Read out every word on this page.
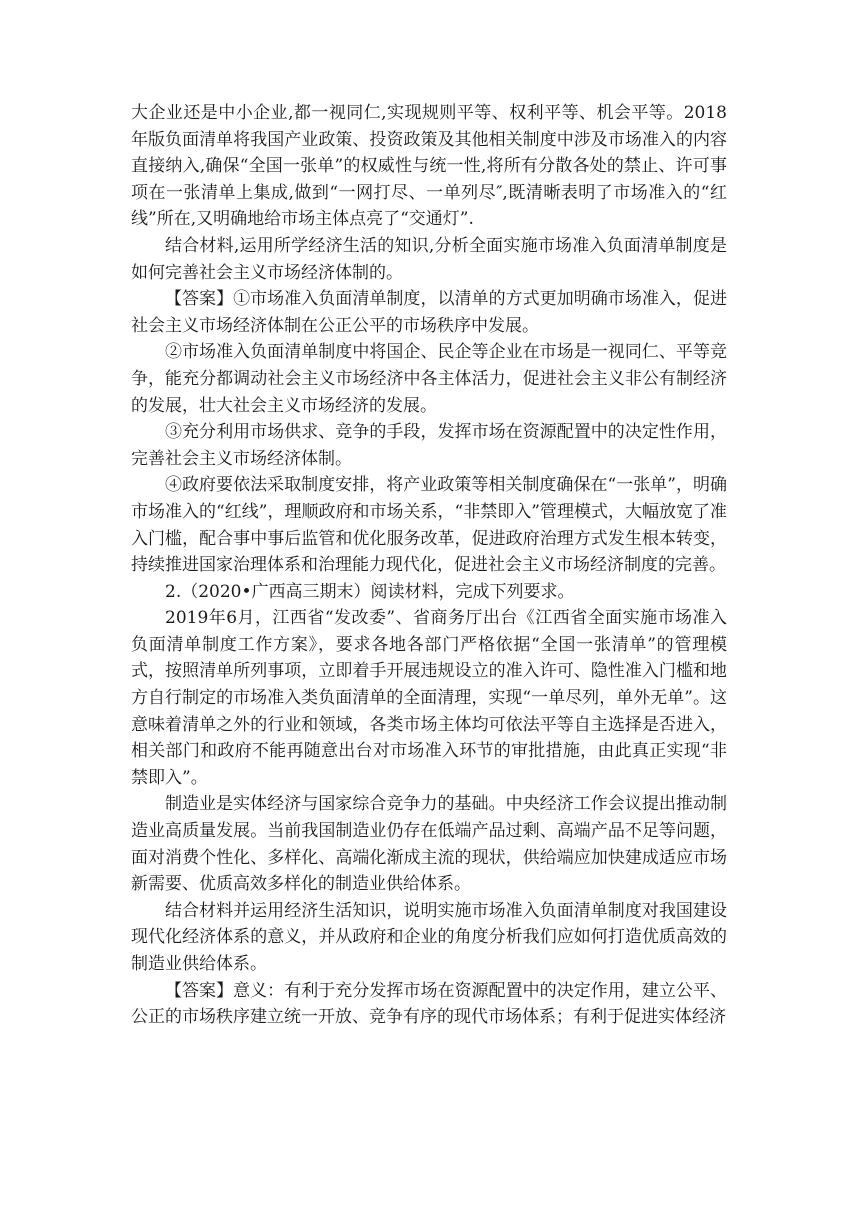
大企业还是中小企业,都一视同仁,实现规则平等、权利平等、机会平等。2018年版负面清单将我国产业政策、投资政策及其他相关制度中涉及市场准入的内容直接纳入,确保“全国一张单”的权威性与统一性,将所有分散各处的禁止、许可事项在一张清单上集成,做到“一网打尽、一单列尽″,既清晰表明了市场准入的“红线”所在,又明确地给市场主体点亮了“交通灯”.

结合材料,运用所学经济生活的知识,分析全面实施市场准入负面清单制度是如何完善社会主义市场经济体制的。

【答案】①市场准入负面清单制度，以清单的方式更加明确市场准入，促进社会主义市场经济体制在公正公平的市场秩序中发展。

②市场准入负面清单制度中将国企、民企等企业在市场是一视同仁、平等竞争，能充分都调动社会主义市场经济中各主体活力，促进社会主义非公有制经济的发展，壮大社会主义市场经济的发展。

③充分利用市场供求、竞争的手段，发挥市场在资源配置中的决定性作用，完善社会主义市场经济体制。

④政府要依法采取制度安排，将产业政策等相关制度确保在“一张单”，明确市场准入的“红线”，理顺政府和市场关系，“非禁即入”管理模式，大幅放宽了准入门槛，配合事中事后监管和优化服务改革，促进政府治理方式发生根本转变，持续推进国家治理体系和治理能力现代化，促进社会主义市场经济制度的完善。

2.（2020•广西高三期末）阅读材料，完成下列要求。

2019年6月，江西省“发改委”、省商务厅出台《江西省全面实施市场准入负面清单制度工作方案》，要求各地各部门严格依据“全国一张清单”的管理模式，按照清单所列事项，立即着手开展违规设立的准入许可、隐性准入门槛和地方自行制定的市场准入类负面清单的全面清理，实现“一单尽列，单外无单”。这意味着清单之外的行业和领域，各类市场主体均可依法平等自主选择是否进入，相关部门和政府不能再随意出台对市场准入环节的审批措施，由此真正实现“非禁即入”。

制造业是实体经济与国家综合竞争力的基础。中央经济工作会议提出推动制造业高质量发展。当前我国制造业仍存在低端产品过剩、高端产品不足等问题，面对消费个性化、多样化、高端化渐成主流的现状，供给端应加快建成适应市场新需要、优质高效多样化的制造业供给体系。

结合材料并运用经济生活知识，说明实施市场准入负面清单制度对我国建设现代化经济体系的意义，并从政府和企业的角度分析我们应如何打造优质高效的制造业供给体系。

【答案】意义：有利于充分发挥市场在资源配置中的决定作用，建立公平、公正的市场秩序建立统一开放、竞争有序的现代市场体系；有利于促进实体经济
